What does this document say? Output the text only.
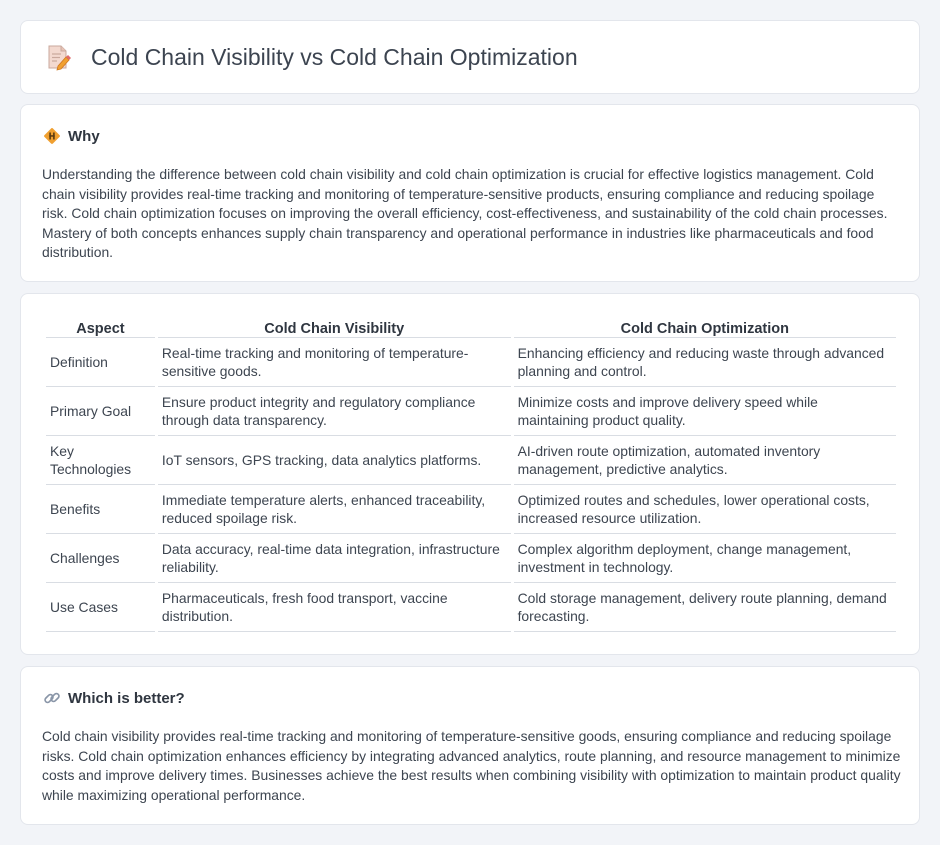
Cold Chain Visibility vs Cold Chain Optimization
Why

Understanding the difference between cold chain visibility and cold chain optimization is crucial for effective logistics management. Cold chain visibility provides real-time tracking and monitoring of temperature-sensitive products, ensuring compliance and reducing spoilage risk. Cold chain optimization focuses on improving the overall efficiency, cost-effectiveness, and sustainability of the cold chain processes. Mastery of both concepts enhances supply chain transparency and operational performance in industries like pharmaceuticals and food distribution.

Aspect	Cold Chain Visibility	Cold Chain Optimization
Definition	Real-time tracking and monitoring of temperature-sensitive goods.	Enhancing efficiency and reducing waste through advanced planning and control.
Primary Goal	Ensure product integrity and regulatory compliance through data transparency.	Minimize costs and improve delivery speed while maintaining product quality.
Key Technologies	IoT sensors, GPS tracking, data analytics platforms.	AI-driven route optimization, automated inventory management, predictive analytics.
Benefits	Immediate temperature alerts, enhanced traceability, reduced spoilage risk.	Optimized routes and schedules, lower operational costs, increased resource utilization.
Challenges	Data accuracy, real-time data integration, infrastructure reliability.	Complex algorithm deployment, change management, investment in technology.
Use Cases	Pharmaceuticals, fresh food transport, vaccine distribution.	Cold storage management, delivery route planning, demand forecasting.
Which is better?

Cold chain visibility provides real-time tracking and monitoring of temperature-sensitive goods, ensuring compliance and reducing spoilage risks. Cold chain optimization enhances efficiency by integrating advanced analytics, route planning, and resource management to minimize costs and improve delivery times. Businesses achieve the best results when combining visibility with optimization to maintain product quality while maximizing operational performance.
